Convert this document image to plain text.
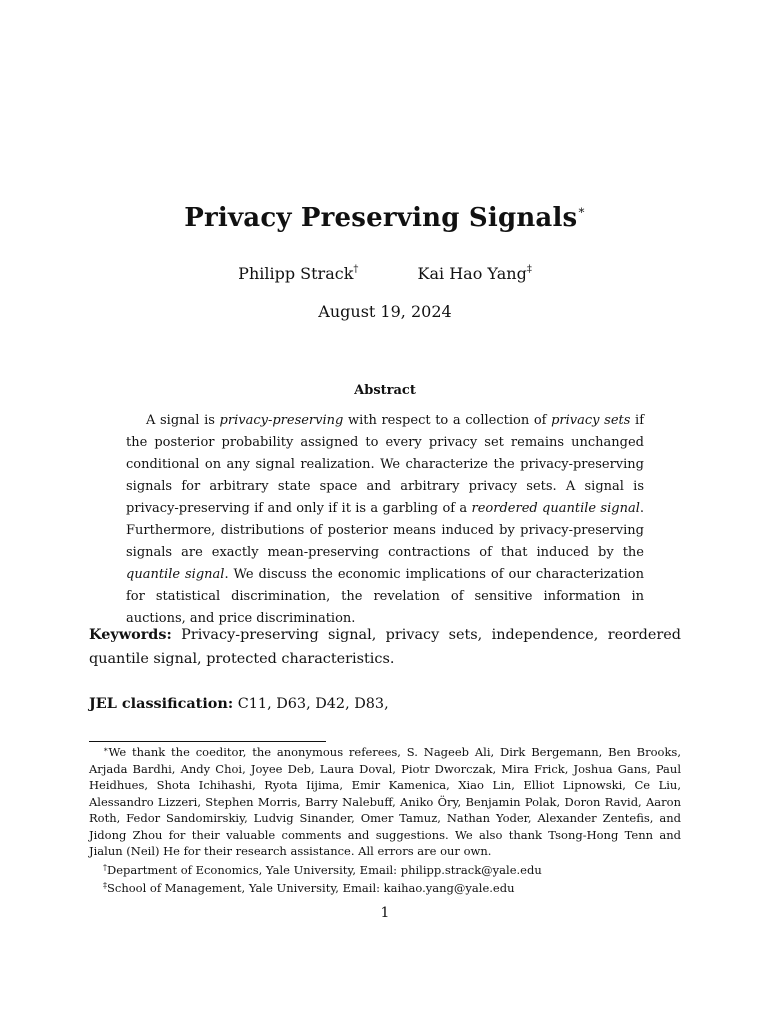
Privacy Preserving Signals∗
Philipp Strack†	Kai Hao Yang‡
August 19, 2024
Abstract
A signal is privacy-preserving with respect to a collection of privacy sets if the posterior probability assigned to every privacy set remains unchanged conditional on any signal realization. We characterize the privacy-preserving signals for arbitrary state space and arbitrary privacy sets. A signal is privacy-preserving if and only if it is a garbling of a reordered quantile signal. Furthermore, distributions of posterior means induced by privacy-preserving signals are exactly mean-preserving contractions of that induced by the quantile signal. We discuss the economic implications of our characterization for statistical discrimination, the revelation of sensitive information in auctions, and price discrimination.
Keywords: Privacy-preserving signal, privacy sets, independence, reordered quantile signal, protected characteristics.
JEL classification: C11, D63, D42, D83,

∗We thank the coeditor, the anonymous referees, S. Nageeb Ali, Dirk Bergemann, Ben Brooks, Arjada Bardhi, Andy Choi, Joyee Deb, Laura Doval, Piotr Dworczak, Mira Frick, Joshua Gans, Paul Heidhues, Shota Ichihashi, Ryota Iijima, Emir Kamenica, Xiao Lin, Elliot Lipnowski, Ce Liu, Alessandro Lizzeri, Stephen Morris, Barry Nalebuff, Aniko Öry, Benjamin Polak, Doron Ravid, Aaron Roth, Fedor Sandomirskiy, Ludvig Sinander, Omer Tamuz, Nathan Yoder, Alexander Zentefis, and Jidong Zhou for their valuable comments and suggestions. We also thank Tsong-Hong Tenn and Jialun (Neil) He for their research assistance. All errors are our own.

†Department of Economics, Yale University, Email: philipp.strack@yale.edu

‡School of Management, Yale University, Email: kaihao.yang@yale.edu

1
